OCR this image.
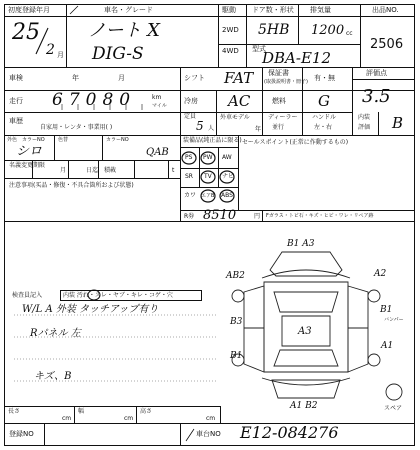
初度登録年月	車名・グレード	駆動 ドア数・形状 排気量	出品NO.
25
2 月
ノート X
DIG-S
2WD
4WD
5HB 1200 cc
型式
DBA-E12
2506
車検	年	月	シフト FAT 保証書
(取扱説明書・冊子) 有・無
評価点
走行 67080	km
マイル
冷房 AC	燃料 G 3.5
車歴
自家用・レンタ・事業用( )
定員
5 人
外車モデル
年
ディーラー
並行
ハンドル
左・右
内装
評価 B
外色 カラーNO
シロ
色替	カラーNO
QAB
名義変更期限
月	日迄 積載	t
注意事項(买品・修復・不具合箇所および状態)
装備品(純正品に限る) セールスポイント(正常に作動するもの)
PS PW AW
SR TV ナビ
カワ エアB ABS
R券 8510	円 Fガラス・トビ石・キズ・ヒビ・ワレ・リペア跡
検査員記入	内装 汚れ・スレ・ヤブ・キレ・コゲ・穴
W/L A 外装 タッチアップ有り
Rパネル 左
キズ、B
B1 A3
AB2	A2
B3
B1
A3
B1
バンパー
A1
A1 B2	スペア
長さ
cm
幅
cm
高さ
cm
登録NO	車台NO E12-084276
